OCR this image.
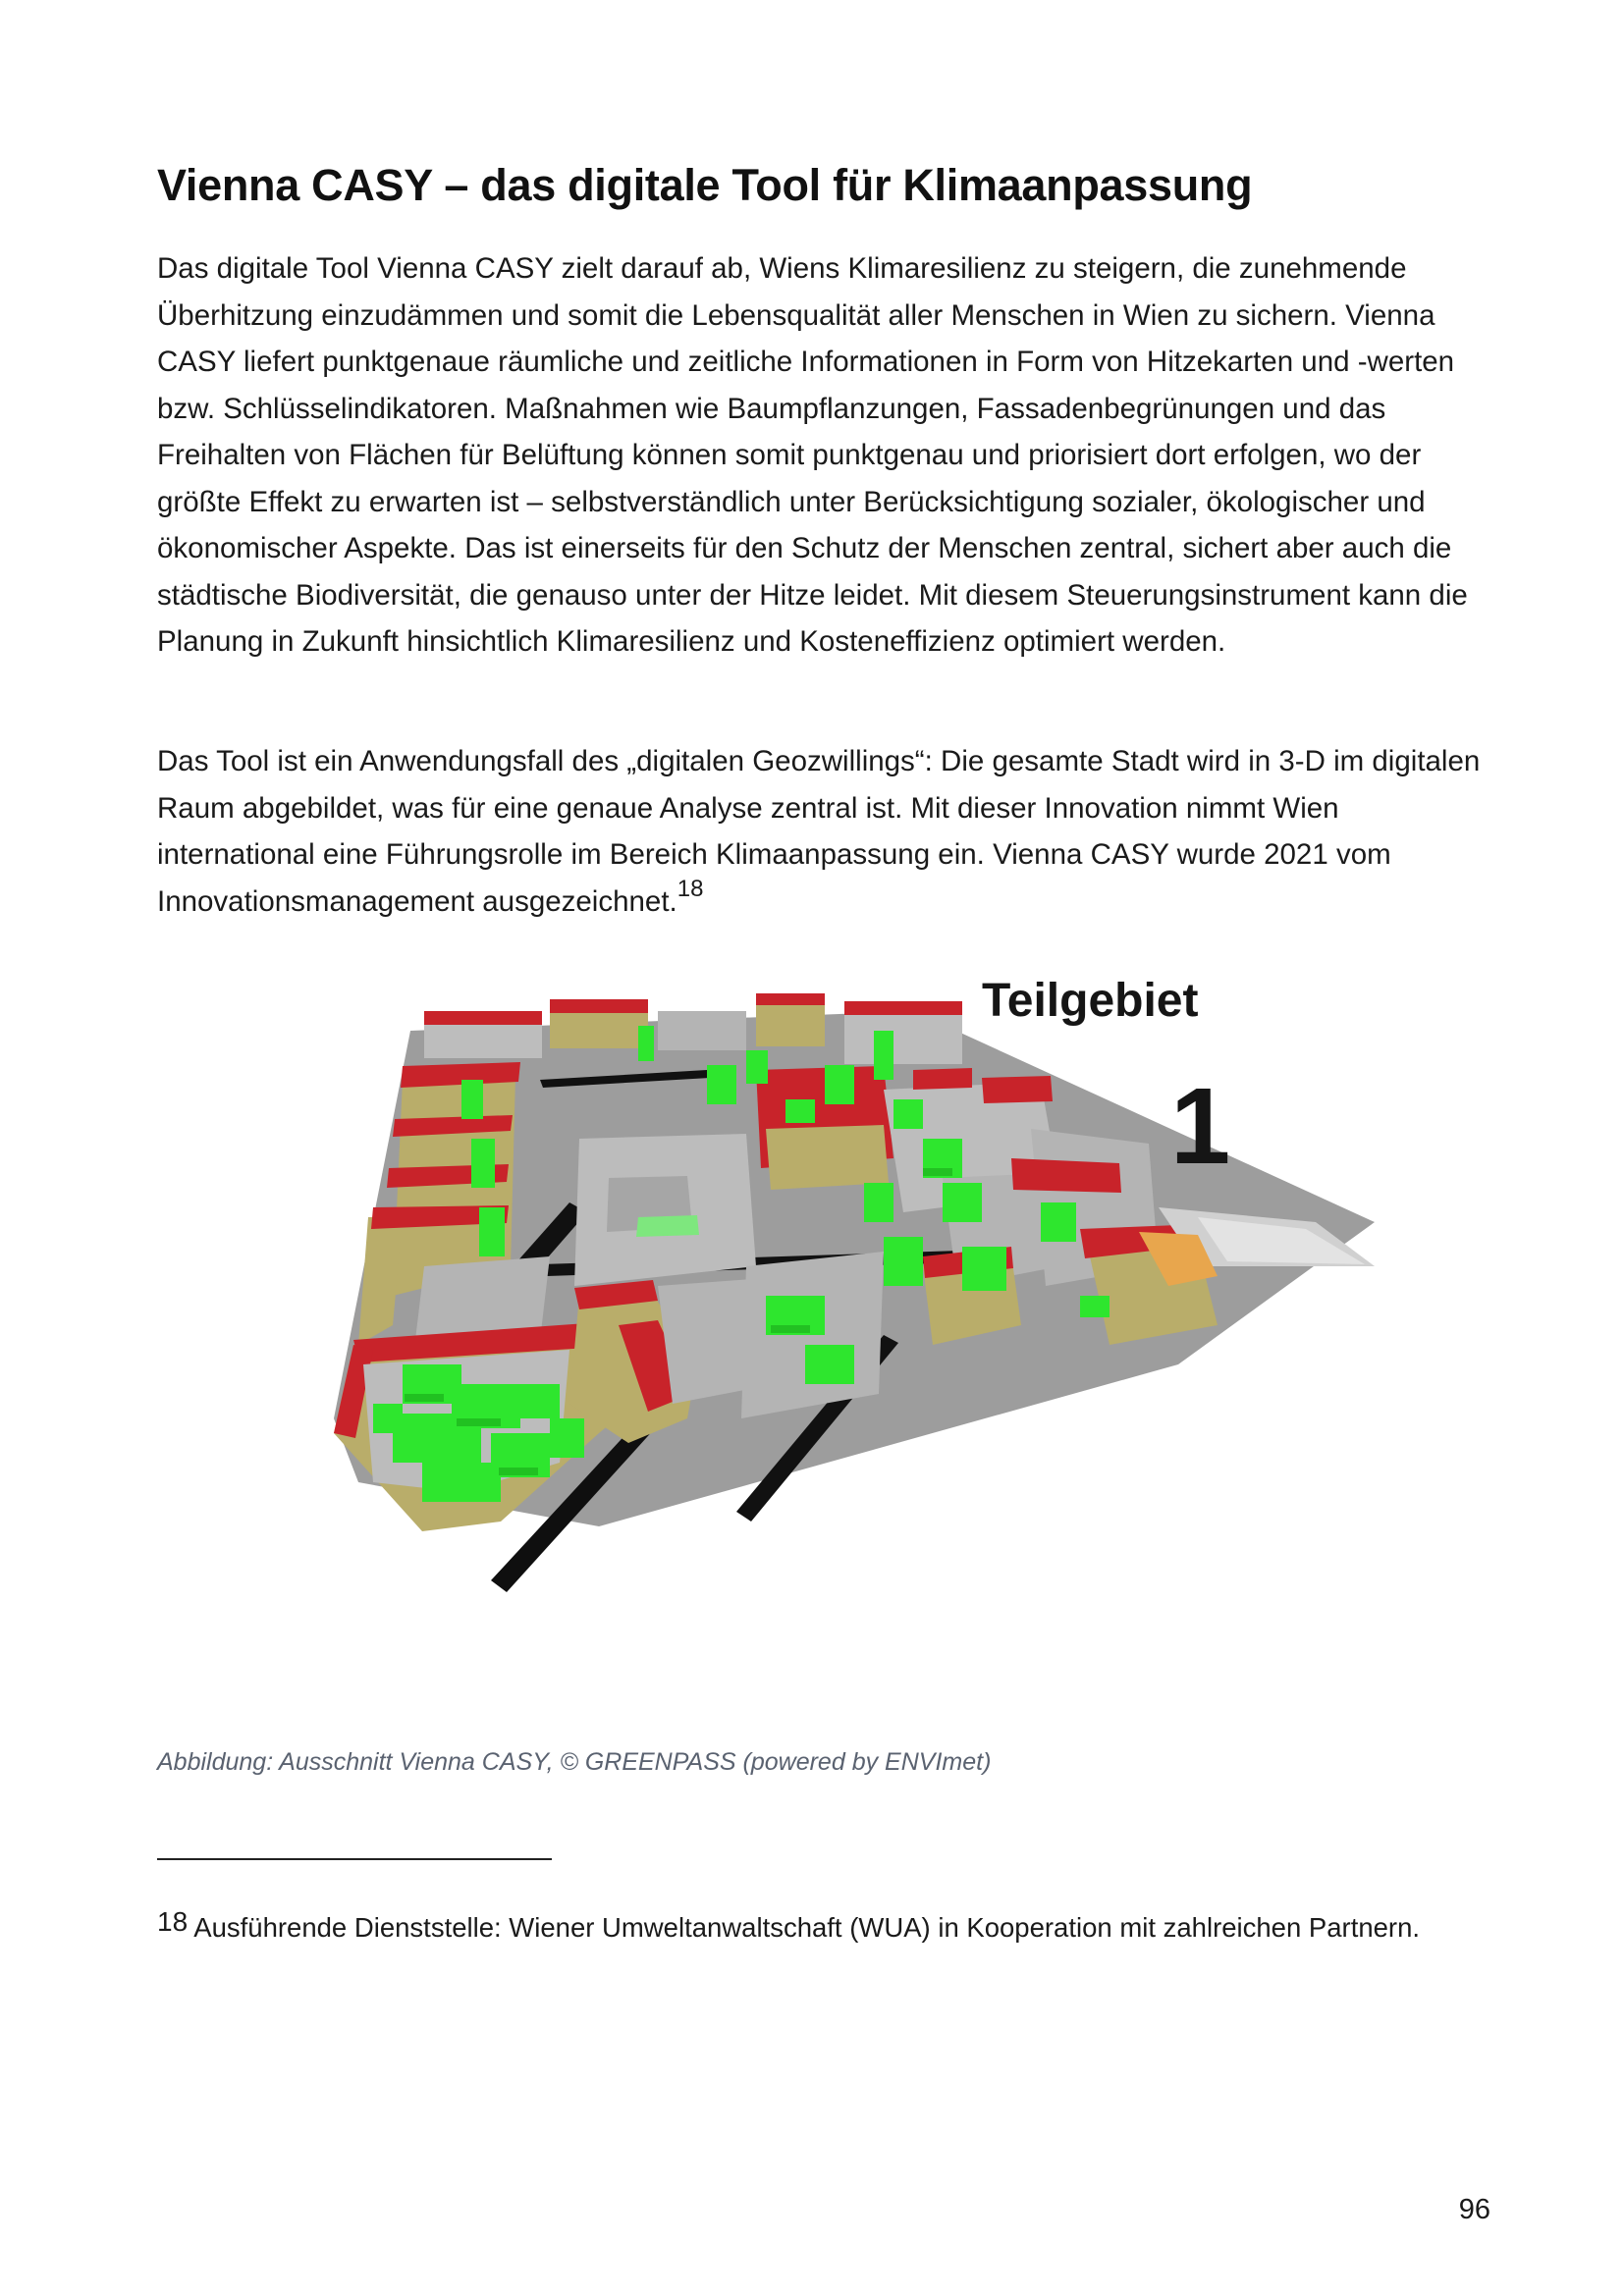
Vienna CASY – das digitale Tool für Klimaanpassung

Das digitale Tool Vienna CASY zielt darauf ab, Wiens Klimaresilienz zu steigern, die zunehmende Überhitzung einzudämmen und somit die Lebensqualität aller Menschen in Wien zu sichern. Vienna CASY liefert punktgenaue räumliche und zeitliche Informationen in Form von Hitzekarten und -werten bzw. Schlüsselindikatoren. Maßnahmen wie Baumpflanzungen, Fassadenbegrünungen und das Freihalten von Flächen für Belüftung können somit punktgenau und priorisiert dort erfolgen, wo der größte Effekt zu erwarten ist – selbstverständlich unter Berücksichtigung sozialer, ökologischer und ökonomischer Aspekte. Das ist einerseits für den Schutz der Menschen zentral, sichert aber auch die städtische Biodiversität, die genauso unter der Hitze leidet. Mit diesem Steuerungsinstrument kann die Planung in Zukunft hinsichtlich Klimaresilienz und Kosteneffizienz optimiert werden.

Das Tool ist ein Anwendungsfall des „digitalen Geozwillings“: Die gesamte Stadt wird in 3-D im digitalen Raum abgebildet, was für eine genaue Analyse zentral ist. Mit dieser Innovation nimmt Wien international eine Führungsrolle im Bereich Klimaanpassung ein. Vienna CASY wurde 2021 vom Innovationsmanagement ausgezeichnet.$^{18}$

Teilgebiet
1

Abbildung: Ausschnitt Vienna CASY, © GREENPASS (powered by ENVImet)

18 Ausführende Dienststelle: Wiener Umweltanwaltschaft (WUA) in Kooperation mit zahlreichen Partnern.

96
